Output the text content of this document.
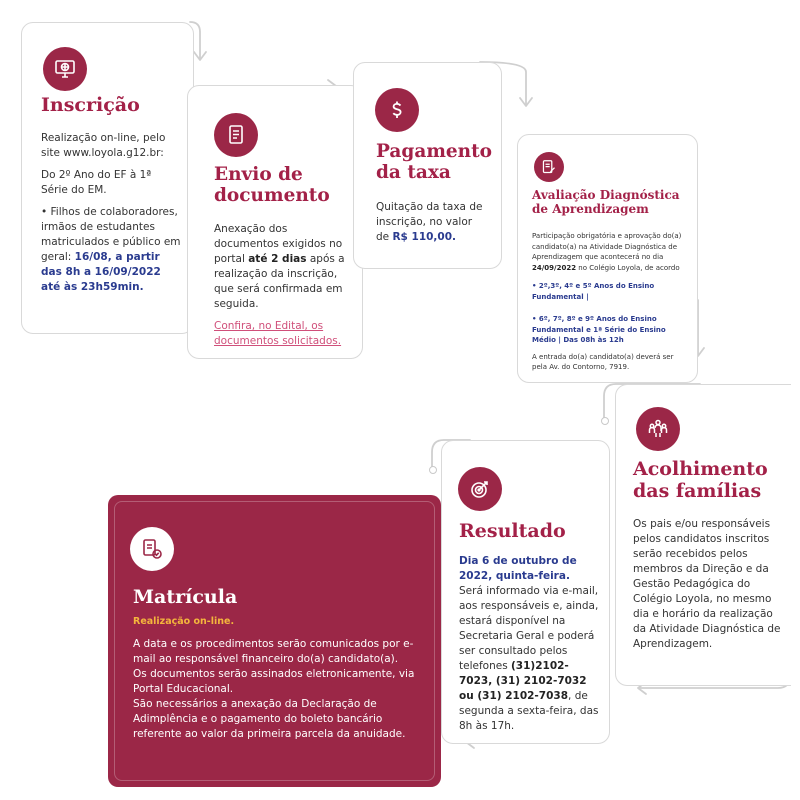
Inscrição
Realização on-line, pelo site www.loyola.g12.br:
Do 2º Ano do EF à 1ª Série do EM.
• Filhos de colaboradores, irmãos de estudantes matriculados e público em geral: 16/08, a partir das 8h a 16/09/2022 até às 23h59min.
Envio de documento
Anexação dos documentos exigidos no portal até 2 dias após a realização da inscrição, que será confirmada em seguida.
Confira, no Edital, os documentos solicitados.
Pagamento da taxa
Quitação da taxa de inscrição, no valor de R$ 110,00.
Avaliação Diagnóstica de Aprendizagem
Participação obrigatória e aprovação do(a) candidato(a) na Atividade Diagnóstica de Aprendizagem que acontecerá no dia 24/09/2022 no Colégio Loyola, de acordo
• 2º,3º, 4º e 5º Anos do Ensino Fundamental |
• 6º, 7º, 8º e 9º Anos do Ensino Fundamental e 1ª Série do Ensino Médio | Das 08h às 12h
A entrada do(a) candidato(a) deverá ser pela Av. do Contorno, 7919.
Acolhimento das famílias
Os pais e/ou responsáveis pelos candidatos inscritos serão recebidos pelos membros da Direção e da Gestão Pedagógica do Colégio Loyola, no mesmo dia e horário da realização da Atividade Diagnóstica de Aprendizagem.
Resultado
Dia 6 de outubro de 2022, quinta-feira.
Será informado via e-mail, aos responsáveis e, ainda, estará disponível na Secretaria Geral e poderá ser consultado pelos telefones (31)2102-7023, (31) 2102-7032 ou (31) 2102-7038, de segunda a sexta-feira, das 8h às 17h.
Matrícula
Realização on-line.
A data e os procedimentos serão comunicados por e-mail ao responsável financeiro do(a) candidato(a).
Os documentos serão assinados eletronicamente, via Portal Educacional.
São necessários a anexação da Declaração de Adimplência e o pagamento do boleto bancário referente ao valor da primeira parcela da anuidade.
